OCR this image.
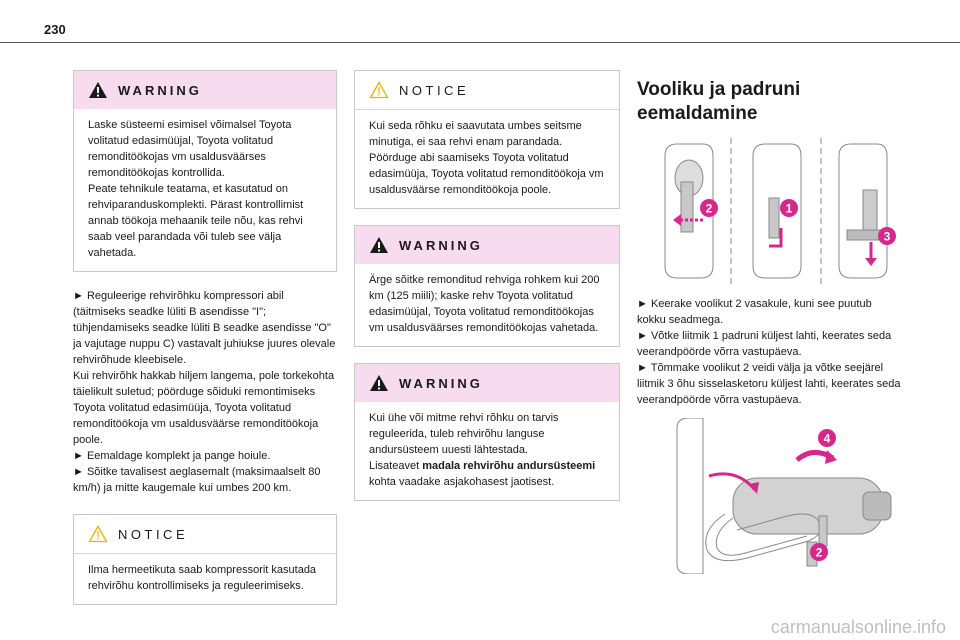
230
WARNING
Laske süsteemi esimisel võimalsel Toyota volitatud edasimüüjal, Toyota volitatud remonditöökojas vm usaldusväärses remonditöökojas kontrollida.
Peate tehnikule teatama, et kasutatud on rehviparanduskomplekti. Pärast kontrollimist annab töökoja mehaanik teile nõu, kas rehvi saab veel parandada või tuleb see välja vahetada.
► Reguleerige rehvirõhku kompressori abil (täitmiseks seadke lüliti B asendisse "I"; tühjendamiseks seadke lüliti B seadke asendisse "O" ja vajutage nuppu C) vastavalt juhiukse juures olevale rehvirõhude kleebisele.
Kui rehvirõhk hakkab hiljem langema, pole torkekohta täielikult suletud; pöörduge sõiduki remontimiseks Toyota volitatud edasimüüja, Toyota volitatud remonditöökoja vm usaldusväärse remonditöökoja poole.
► Eemaldage komplekt ja pange hoiule.
► Sõitke tavalisest aeglasemalt (maksimaalselt 80 km/h) ja mitte kaugemale kui umbes 200 km.
NOTICE
Ilma hermeetikuta saab kompressorit kasutada rehvirõhu kontrollimiseks ja reguleerimiseks.
NOTICE
Kui seda rõhku ei saavutata umbes seitsme minutiga, ei saa rehvi enam parandada. Pöörduge abi saamiseks Toyota volitatud edasimüüja, Toyota volitatud remonditöökoja vm usaldusväärse remonditöökoja poole.
WARNING
Ärge sõitke remonditud rehviga rohkem kui 200 km (125 miili); kaske rehv Toyota volitatud edasimüüjal, Toyota volitatud remonditöökojas vm usaldusväärses remonditöökojas vahetada.
WARNING
Kui ühe või mitme rehvi rõhku on tarvis reguleerida, tuleb rehvirõhu languse andursüsteem uuesti lähtestada.
Lisateavet madala rehvirõhu andursüsteemi kohta vaadake asjakohasest jaotisest.
Vooliku ja padruni eemaldamine
2	1
3
► Keerake voolikut 2 vasakule, kuni see puutub kokku seadmega.
► Võtke liitmik 1 padruni küljest lahti, keerates seda veerandpöörde võrra vastupäeva.
► Tõmmake voolikut 2 veidi välja ja võtke seejärel liitmik 3 õhu sisselasketoru küljest lahti, keerates seda veerandpöörde võrra vastupäeva.
4
2
carmanualsonline.info
